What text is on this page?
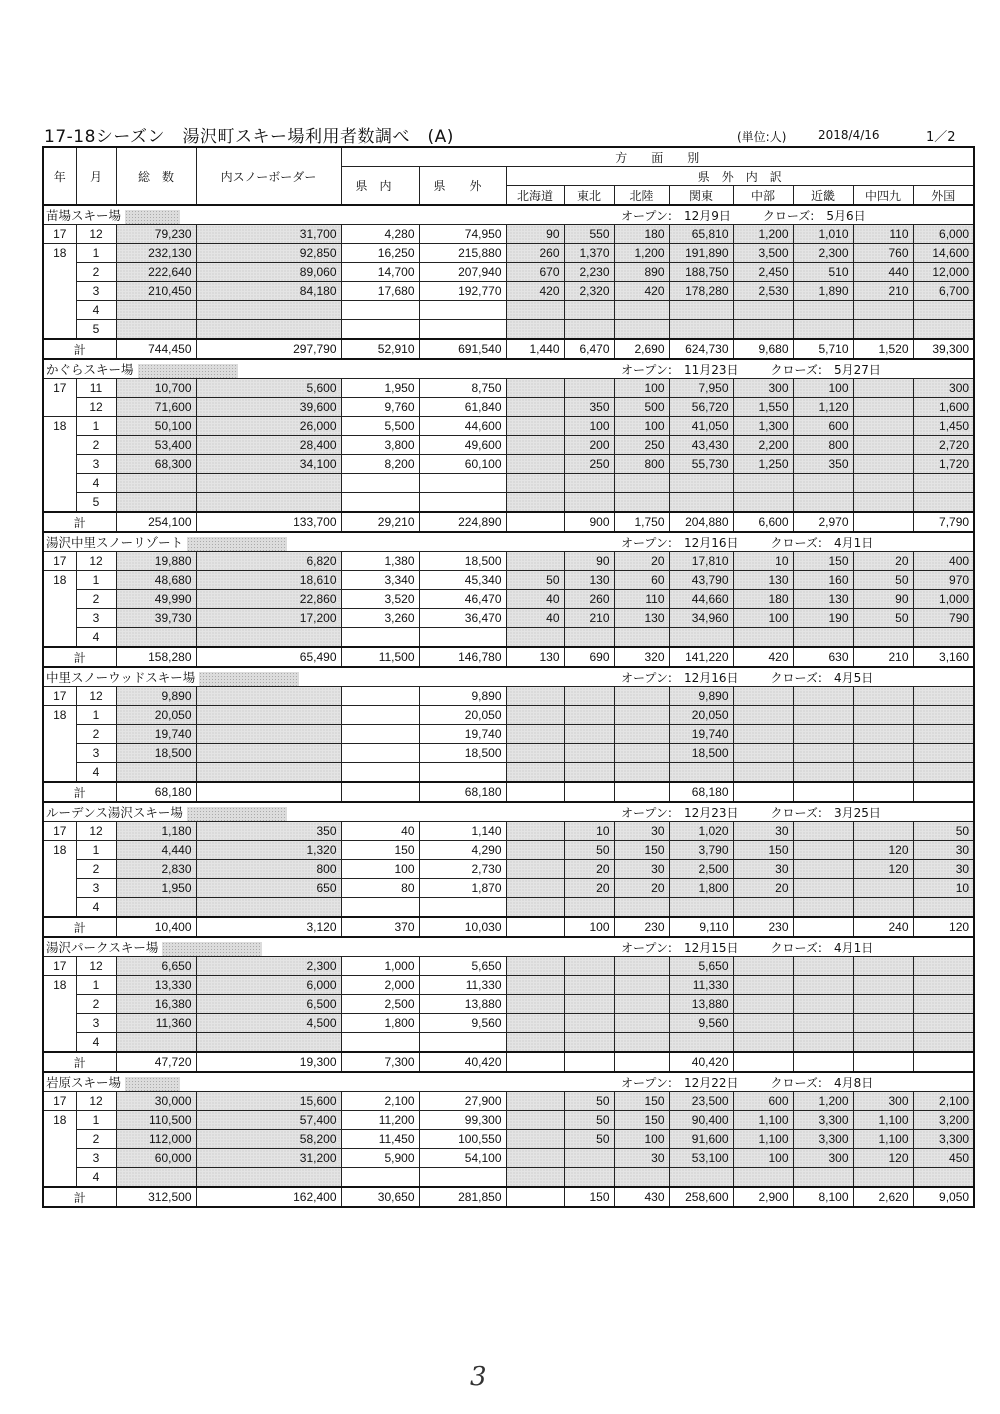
17-18シーズン　湯沢町スキー場利用者数調べ　(A)	(単位:人)	2018/4/16	1／2
年	月	総　数	内スノーボーダー	方　　面　　別									
				県　内	県　　外	県　外　内　訳							
						北海道	東北	北陸	関東	中部	近畿	中四九	外国
苗場スキー場				オープン: 12月9日 クローズ: 5月6日									
17	12	79,230	31,700	4,280	74,950	90	550	180	65,810	1,200	1,010	110	6,000
18	1	232,130	92,850	16,250	215,880	260	1,370	1,200	191,890	3,500	2,300	760	14,600
	2	222,640	89,060	14,700	207,940	670	2,230	890	188,750	2,450	510	440	12,000
	3	210,450	84,180	17,680	192,770	420	2,320	420	178,280	2,530	1,890	210	6,700
	4												
	5												
計		744,450	297,790	52,910	691,540	1,440	6,470	2,690	624,730	9,680	5,710	1,520	39,300
かぐらスキー場				オープン: 11月23日 クローズ: 5月27日									
17	11	10,700	5,600	1,950	8,750			100	7,950	300	100		300
	12	71,600	39,600	9,760	61,840		350	500	56,720	1,550	1,120		1,600
18	1	50,100	26,000	5,500	44,600		100	100	41,050	1,300	600		1,450
	2	53,400	28,400	3,800	49,600		200	250	43,430	2,200	800		2,720
	3	68,300	34,100	8,200	60,100		250	800	55,730	1,250	350		1,720
	4												
	5												
計		254,100	133,700	29,210	224,890		900	1,750	204,880	6,600	2,970		7,790
湯沢中里スノーリゾート				オープン: 12月16日 クローズ: 4月1日									
17	12	19,880	6,820	1,380	18,500		90	20	17,810	10	150	20	400
18	1	48,680	18,610	3,340	45,340	50	130	60	43,790	130	160	50	970
	2	49,990	22,860	3,520	46,470	40	260	110	44,660	180	130	90	1,000
	3	39,730	17,200	3,260	36,470	40	210	130	34,960	100	190	50	790
	4												
計		158,280	65,490	11,500	146,780	130	690	320	141,220	420	630	210	3,160
中里スノーウッドスキー場				オープン: 12月16日 クローズ: 4月5日									
17	12	9,890			9,890				9,890				
18	1	20,050			20,050				20,050				
	2	19,740			19,740				19,740				
	3	18,500			18,500				18,500				
	4												
計		68,180			68,180				68,180				
ルーデンス湯沢スキー場				オープン: 12月23日 クローズ: 3月25日									
17	12	1,180	350	40	1,140		10	30	1,020	30			50
18	1	4,440	1,320	150	4,290		50	150	3,790	150		120	30
	2	2,830	800	100	2,730		20	30	2,500	30		120	30
	3	1,950	650	80	1,870		20	20	1,800	20			10
	4												
計		10,400	3,120	370	10,030		100	230	9,110	230		240	120
湯沢パークスキー場				オープン: 12月15日 クローズ: 4月1日									
17	12	6,650	2,300	1,000	5,650				5,650				
18	1	13,330	6,000	2,000	11,330				11,330				
	2	16,380	6,500	2,500	13,880				13,880				
	3	11,360	4,500	1,800	9,560				9,560				
	4												
計		47,720	19,300	7,300	40,420				40,420				
岩原スキー場				オープン: 12月22日 クローズ: 4月8日									
17	12	30,000	15,600	2,100	27,900		50	150	23,500	600	1,200	300	2,100
18	1	110,500	57,400	11,200	99,300		50	150	90,400	1,100	3,300	1,100	3,200
	2	112,000	58,200	11,450	100,550		50	100	91,600	1,100	3,300	1,100	3,300
	3	60,000	31,200	5,900	54,100			30	53,100	100	300	120	450
	4												
計		312,500	162,400	30,650	281,850		150	430	258,600	2,900	8,100	2,620	9,050
3
